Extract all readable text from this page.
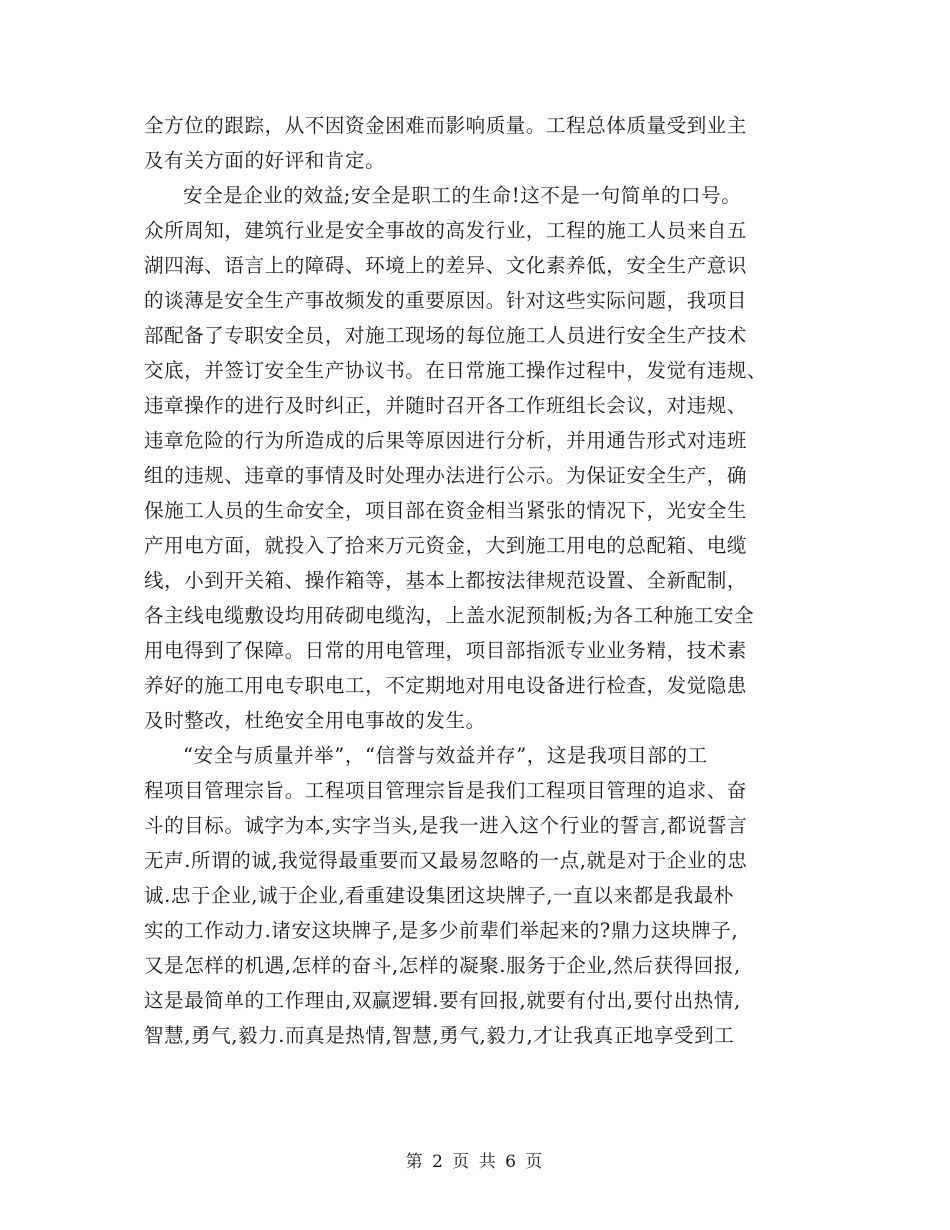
全方位的跟踪，从不因资金困难而影响质量。工程总体质量受到业主
及有关方面的好评和肯定。
安全是企业的效益;安全是职工的生命!这不是一句简单的口号。
众所周知，建筑行业是安全事故的高发行业，工程的施工人员来自五
湖四海、语言上的障碍、环境上的差异、文化素养低，安全生产意识
的谈薄是安全生产事故频发的重要原因。针对这些实际问题，我项目
部配备了专职安全员，对施工现场的每位施工人员进行安全生产技术
交底，并签订安全生产协议书。在日常施工操作过程中，发觉有违规、
违章操作的进行及时纠正，并随时召开各工作班组长会议，对违规、
违章危险的行为所造成的后果等原因进行分析，并用通告形式对违班
组的违规、违章的事情及时处理办法进行公示。为保证安全生产，确
保施工人员的生命安全，项目部在资金相当紧张的情况下，光安全生
产用电方面，就投入了拾来万元资金，大到施工用电的总配箱、电缆
线，小到开关箱、操作箱等，基本上都按法律规范设置、全新配制，
各主线电缆敷设均用砖砌电缆沟，上盖水泥预制板;为各工种施工安全
用电得到了保障。日常的用电管理，项目部指派专业业务精，技术素
养好的施工用电专职电工，不定期地对用电设备进行检查，发觉隐患
及时整改，杜绝安全用电事故的发生。
“安全与质量并举”，“信誉与效益并存”，这是我项目部的工
程项目管理宗旨。工程项目管理宗旨是我们工程项目管理的追求、奋
斗的目标。诚字为本,实字当头,是我一进入这个行业的誓言,都说誓言
无声.所谓的诚,我觉得最重要而又最易忽略的一点,就是对于企业的忠
诚.忠于企业,诚于企业,看重建设集团这块牌子,一直以来都是我最朴
实的工作动力.诸安这块牌子,是多少前辈们举起来的?鼎力这块牌子,
又是怎样的机遇,怎样的奋斗,怎样的凝聚.服务于企业,然后获得回报,
这是最简单的工作理由,双赢逻辑.要有回报,就要有付出,要付出热情,
智慧,勇气,毅力.而真是热情,智慧,勇气,毅力,才让我真正地享受到工
第 2 页 共 6 页
